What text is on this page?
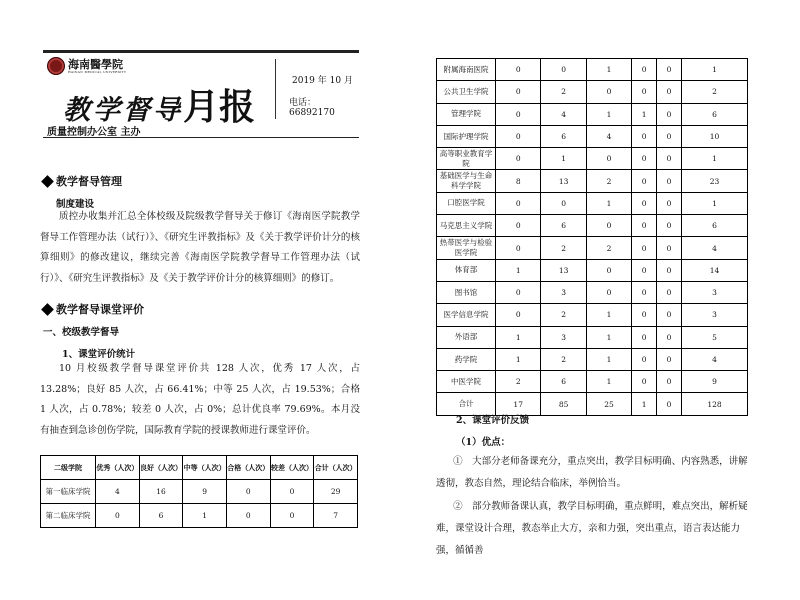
海南醫學院
HAINAN MEDICAL UNIVERSITY
教学督导月报
2019 年 10 月
电话：66892170
质量控制办公室 主办
教学督导管理
制度建设
质控办收集并汇总全体校级及院级教学督导关于修订《海南医学院教学督导工作管理办法（试行）》、《研究生评教指标》及《关于教学评价计分的核算细则》的修改建议，继续完善《海南医学院教学督导工作管理办法（试行）》、《研究生评教指标》及《关于教学评价计分的核算细则》的修订。
教学督导课堂评价
一、校级教学督导
1、课堂评价统计
10 月校级教学督导课堂评价共 128 人次，优秀 17 人次，占 13.28%；良好 85 人次，占 66.41%；中等 25 人次，占 19.53%；合格 1 人次，占 0.78%；较差 0 人次，占 0%；总计优良率 79.69%。本月没有抽查到急诊创伤学院，国际教育学院的授课教师进行课堂评价。
二级学院	优秀（人次）	良好（人次）	中等（人次）	合格（人次）	较差（人次）	合计（人次）
第一临床学院	4	16	9	0	0	29
第二临床学院	0	6	1	0	0	7
附属海南医院	0	0	1	0	0	1
公共卫生学院	0	2	0	0	0	2
管理学院	0	4	1	1	0	6
国际护理学院	0	6	4	0	0	10
高等职业教育学院	0	1	0	0	0	1
基础医学与生命科学学院	8	13	2	0	0	23
口腔医学院	0	0	1	0	0	1
马克思主义学院	0	6	0	0	0	6
热带医学与检验医学院	0	2	2	0	0	4
体育部	1	13	0	0	0	14
图书馆	0	3	0	0	0	3
医学信息学院	0	2	1	0	0	3
外语部	1	3	1	0	0	5
药学院	1	2	1	0	0	4
中医学院	2	6	1	0	0	9
合计	17	85	25	1	0	128
2、课堂评价反馈
（1）优点：
①　大部分老师备课充分，重点突出，教学目标明确、内容熟悉，讲解透彻，教态自然，理论结合临床，举例恰当。
②　部分教师备课认真，教学目标明确，重点鲜明，难点突出，解析疑难，课堂设计合理，教态举止大方，亲和力强，突出重点，语言表达能力强，循循善
